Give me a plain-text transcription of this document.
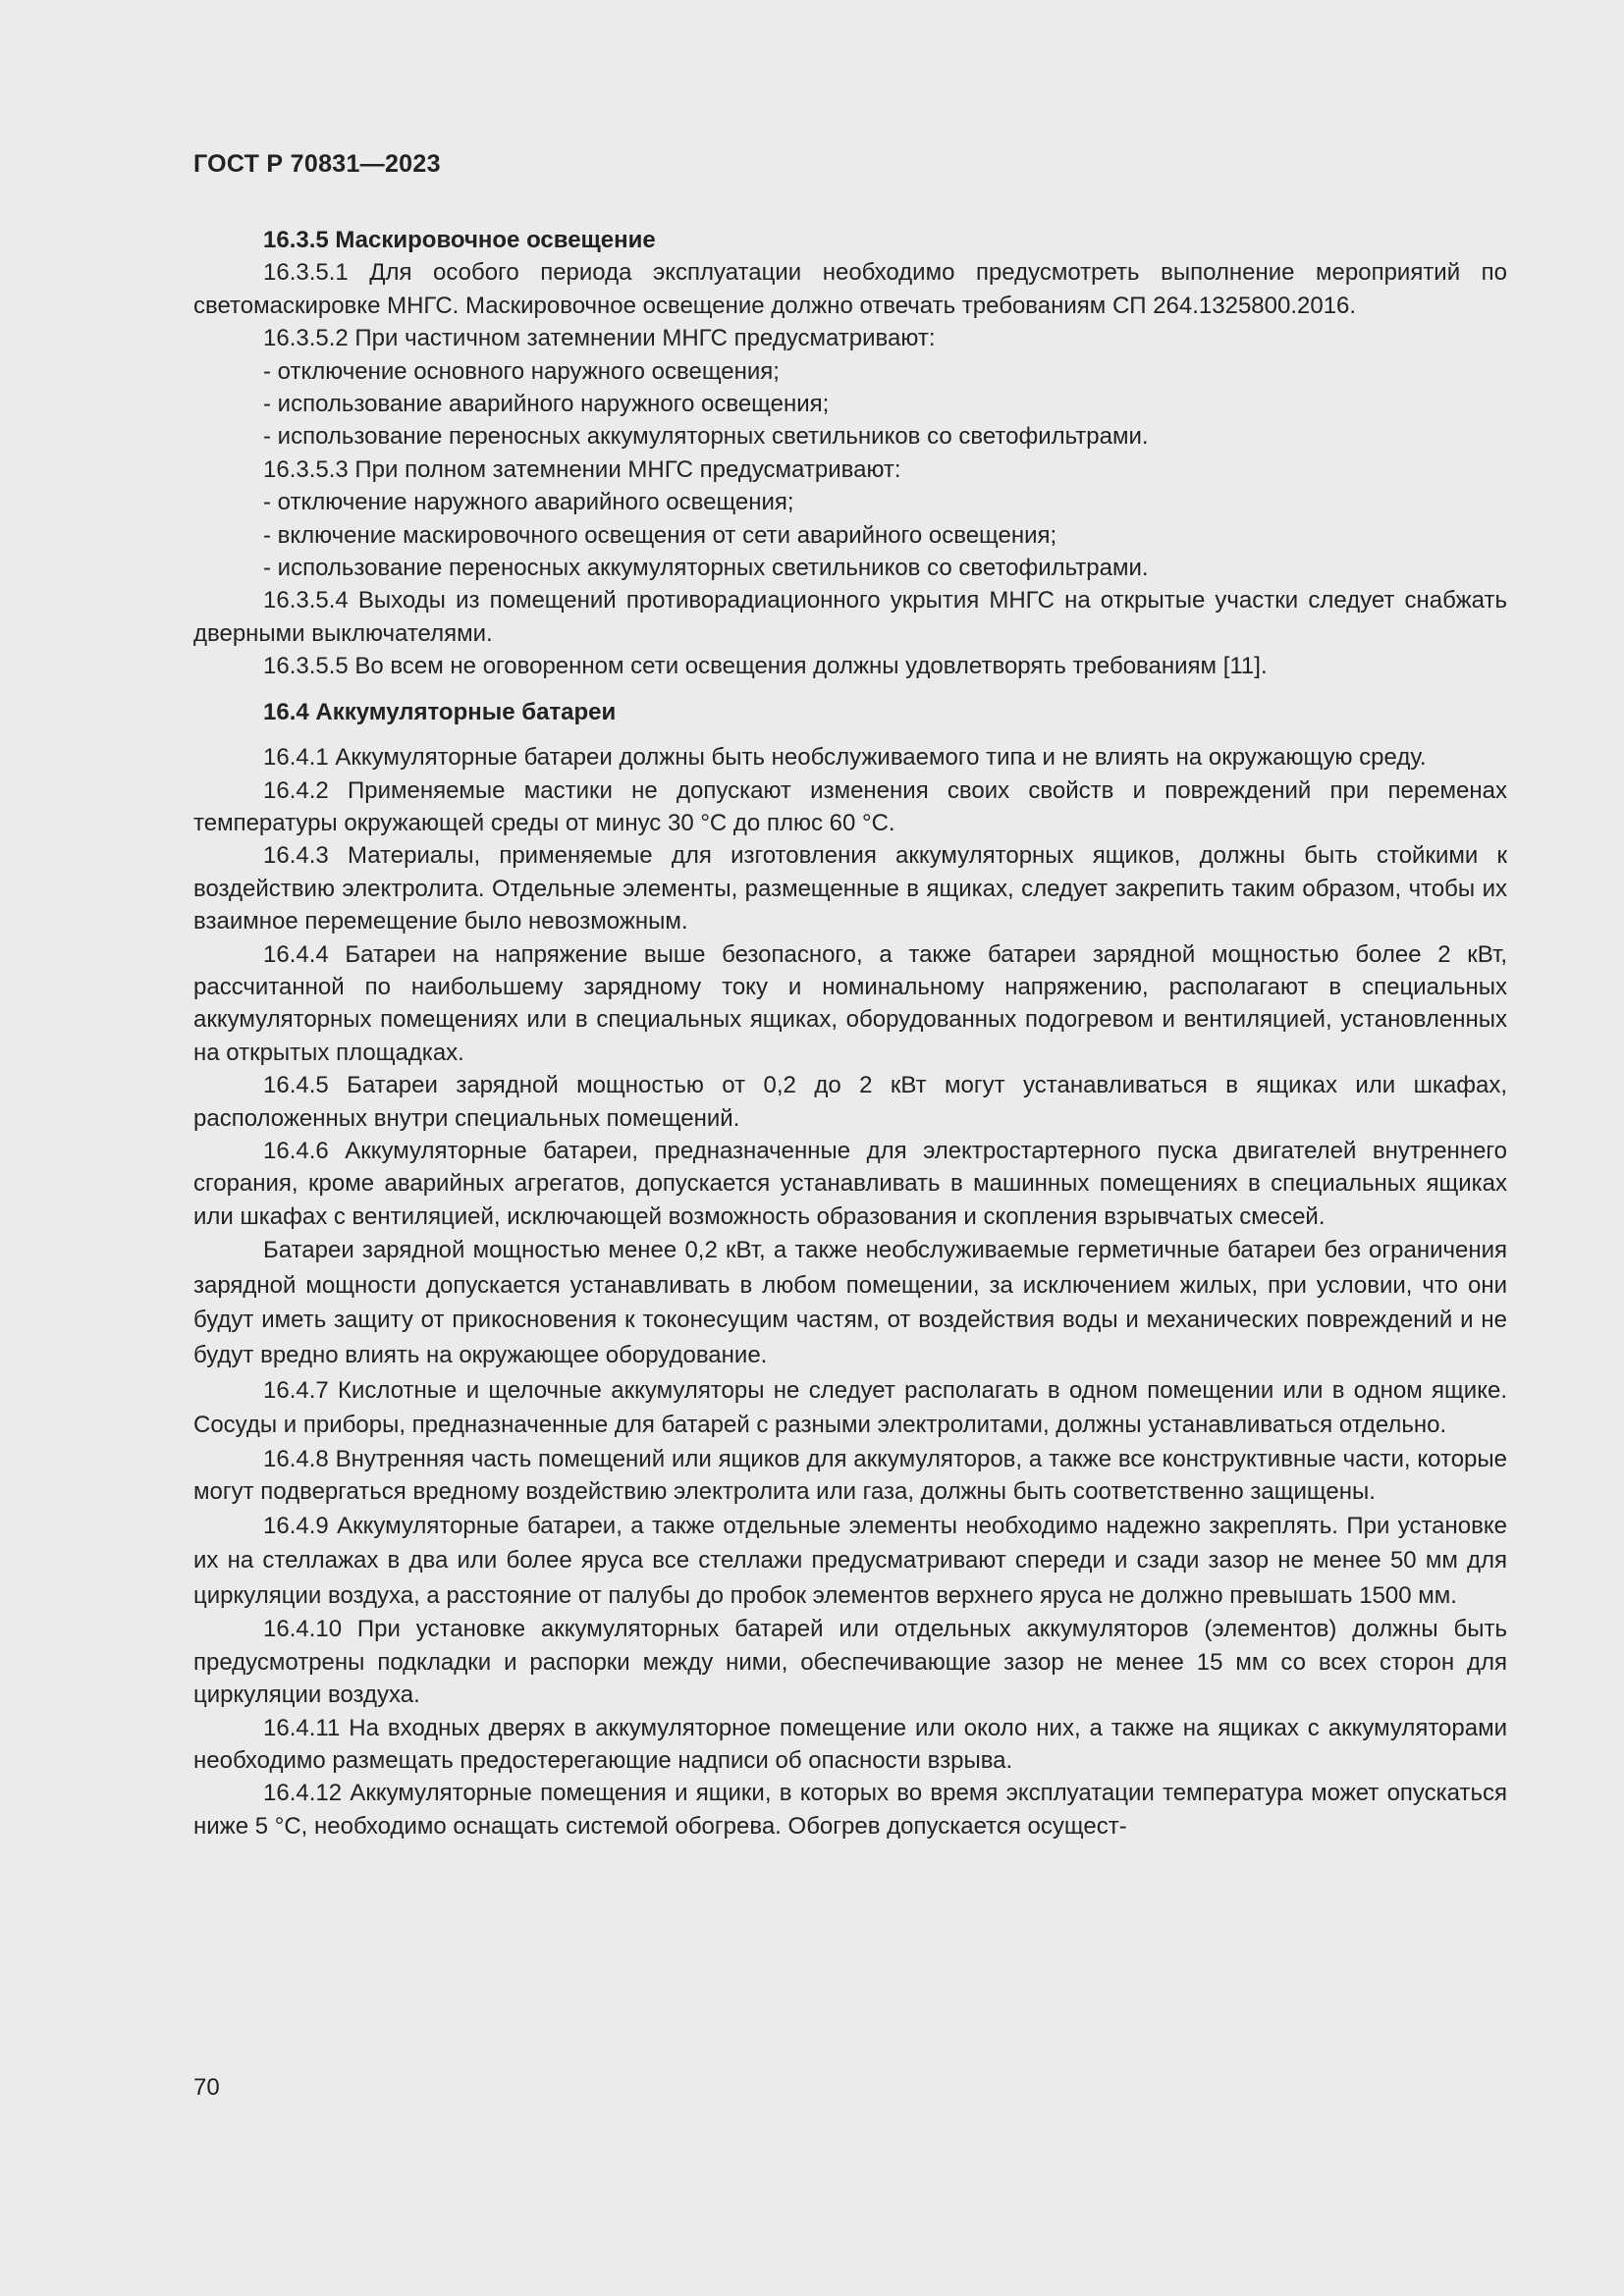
ГОСТ Р 70831—2023

16.3.5 Маскировочное освещение

16.3.5.1 Для особого периода эксплуатации необходимо предусмотреть выполнение мероприятий по светомаскировке МНГС. Маскировочное освещение должно отвечать требованиям СП 264.1325800.2016.

16.3.5.2 При частичном затемнении МНГС предусматривают:

- отключение основного наружного освещения;

- использование аварийного наружного освещения;

- использование переносных аккумуляторных светильников со светофильтрами.

16.3.5.3 При полном затемнении МНГС предусматривают:

- отключение наружного аварийного освещения;

- включение маскировочного освещения от сети аварийного освещения;

- использование переносных аккумуляторных светильников со светофильтрами.

16.3.5.4 Выходы из помещений противорадиационного укрытия МНГС на открытые участки следует снабжать дверными выключателями.

16.3.5.5 Во всем не оговоренном сети освещения должны удовлетворять требованиям [11].

16.4 Аккумуляторные батареи

16.4.1 Аккумуляторные батареи должны быть необслуживаемого типа и не влиять на окружающую среду.

16.4.2 Применяемые мастики не допускают изменения своих свойств и повреждений при переменах температуры окружающей среды от минус 30 °С до плюс 60 °С.

16.4.3 Материалы, применяемые для изготовления аккумуляторных ящиков, должны быть стойкими к воздействию электролита. Отдельные элементы, размещенные в ящиках, следует закрепить таким образом, чтобы их взаимное перемещение было невозможным.

16.4.4 Батареи на напряжение выше безопасного, а также батареи зарядной мощностью более 2 кВт, рассчитанной по наибольшему зарядному току и номинальному напряжению, располагают в специальных аккумуляторных помещениях или в специальных ящиках, оборудованных подогревом и вентиляцией, установленных на открытых площадках.

16.4.5 Батареи зарядной мощностью от 0,2 до 2 кВт могут устанавливаться в ящиках или шкафах, расположенных внутри специальных помещений.

16.4.6 Аккумуляторные батареи, предназначенные для электростартерного пуска двигателей внутреннего сгорания, кроме аварийных агрегатов, допускается устанавливать в машинных помещениях в специальных ящиках или шкафах с вентиляцией, исключающей возможность образования и скопления взрывчатых смесей.

Батареи зарядной мощностью менее 0,2 кВт, а также необслуживаемые герметичные батареи без ограничения зарядной мощности допускается устанавливать в любом помещении, за исключением жилых, при условии, что они будут иметь защиту от прикосновения к токонесущим частям, от воздействия воды и механических повреждений и не будут вредно влиять на окружающее оборудование.

16.4.7 Кислотные и щелочные аккумуляторы не следует располагать в одном помещении или в одном ящике. Сосуды и приборы, предназначенные для батарей с разными электролитами, должны устанавливаться отдельно.

16.4.8 Внутренняя часть помещений или ящиков для аккумуляторов, а также все конструктивные части, которые могут подвергаться вредному воздействию электролита или газа, должны быть соответственно защищены.

16.4.9 Аккумуляторные батареи, а также отдельные элементы необходимо надежно закреплять. При установке их на стеллажах в два или более яруса все стеллажи предусматривают спереди и сзади зазор не менее 50 мм для циркуляции воздуха, а расстояние от палубы до пробок элементов верхнего яруса не должно превышать 1500 мм.

16.4.10 При установке аккумуляторных батарей или отдельных аккумуляторов (элементов) должны быть предусмотрены подкладки и распорки между ними, обеспечивающие зазор не менее 15 мм со всех сторон для циркуляции воздуха.

16.4.11 На входных дверях в аккумуляторное помещение или около них, а также на ящиках с аккумуляторами необходимо размещать предостерегающие надписи об опасности взрыва.

16.4.12 Аккумуляторные помещения и ящики, в которых во время эксплуатации температура может опускаться ниже 5 °С, необходимо оснащать системой обогрева. Обогрев допускается осущест-

70
